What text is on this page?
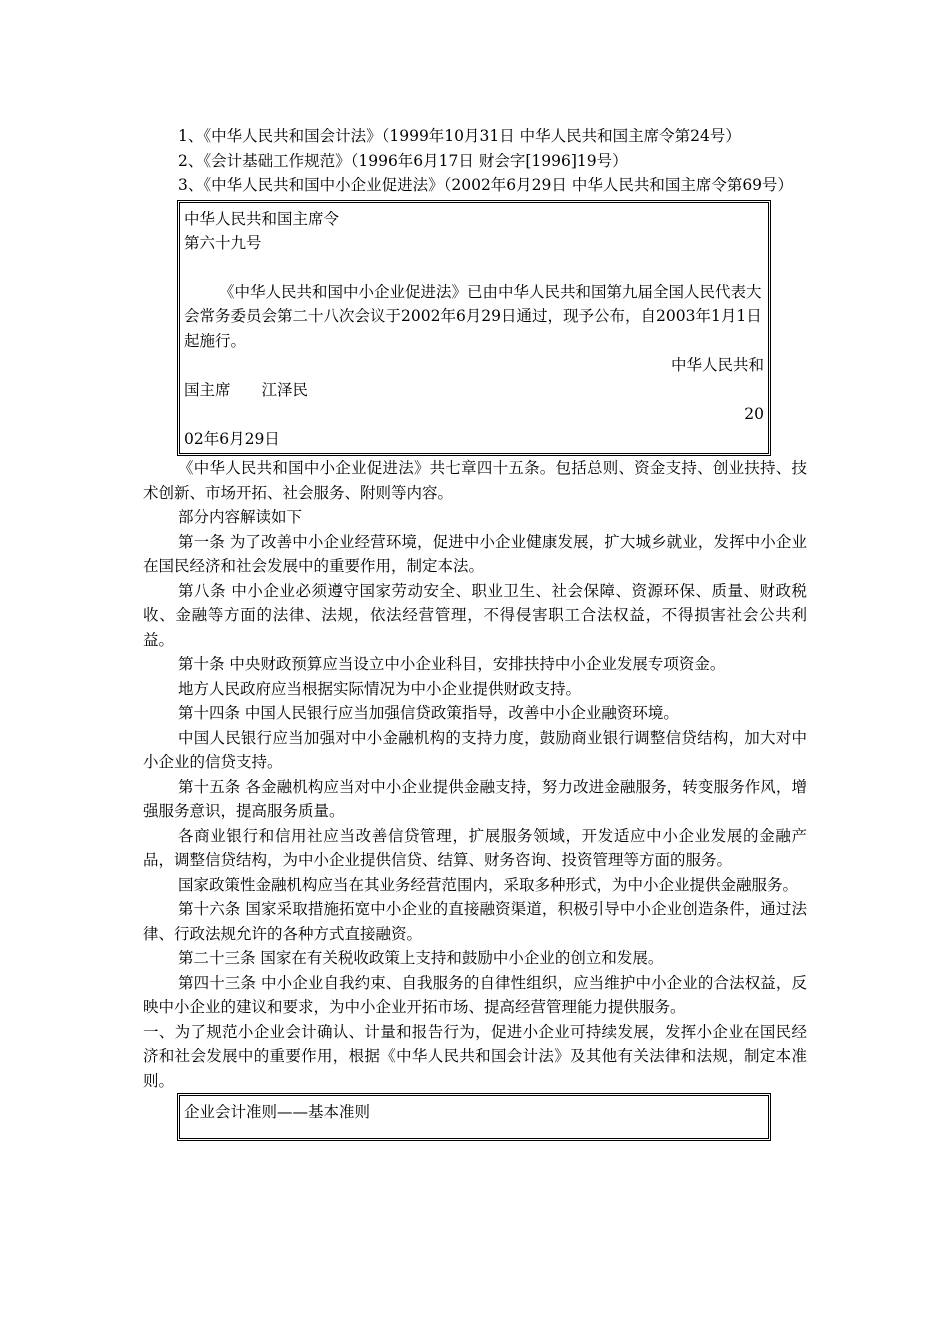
1、《中华人民共和国会计法》（1999年10月31日 中华人民共和国主席令第24号）

2、《会计基础工作规范》（1996年6月17日 财会字[1996]19号）

3、《中华人民共和国中小企业促进法》（2002年6月29日 中华人民共和国主席令第69号）

中华人民共和国主席令

第六十九号

《中华人民共和国中小企业促进法》已由中华人民共和国第九届全国人民代表大会常务委员会第二十八次会议于2002年6月29日通过，现予公布，自2003年1月1日起施行。

中华人民共和

国主席　　江泽民

20

02年6月29日

《中华人民共和国中小企业促进法》共七章四十五条。包括总则、资金支持、创业扶持、技术创新、市场开拓、社会服务、附则等内容。

部分内容解读如下

第一条 为了改善中小企业经营环境，促进中小企业健康发展，扩大城乡就业，发挥中小企业在国民经济和社会发展中的重要作用，制定本法。

第八条 中小企业必须遵守国家劳动安全、职业卫生、社会保障、资源环保、质量、财政税收、金融等方面的法律、法规，依法经营管理，不得侵害职工合法权益，不得损害社会公共利益。

第十条 中央财政预算应当设立中小企业科目，安排扶持中小企业发展专项资金。

地方人民政府应当根据实际情况为中小企业提供财政支持。

第十四条 中国人民银行应当加强信贷政策指导，改善中小企业融资环境。

中国人民银行应当加强对中小金融机构的支持力度，鼓励商业银行调整信贷结构，加大对中小企业的信贷支持。

第十五条 各金融机构应当对中小企业提供金融支持，努力改进金融服务，转变服务作风，增强服务意识，提高服务质量。

各商业银行和信用社应当改善信贷管理，扩展服务领域，开发适应中小企业发展的金融产品，调整信贷结构，为中小企业提供信贷、结算、财务咨询、投资管理等方面的服务。

国家政策性金融机构应当在其业务经营范围内，采取多种形式，为中小企业提供金融服务。

第十六条 国家采取措施拓宽中小企业的直接融资渠道，积极引导中小企业创造条件，通过法律、行政法规允许的各种方式直接融资。

第二十三条 国家在有关税收政策上支持和鼓励中小企业的创立和发展。

第四十三条 中小企业自我约束、自我服务的自律性组织，应当维护中小企业的合法权益，反映中小企业的建议和要求，为中小企业开拓市场、提高经营管理能力提供服务。

一、为了规范小企业会计确认、计量和报告行为，促进小企业可持续发展，发挥小企业在国民经济和社会发展中的重要作用，根据《中华人民共和国会计法》及其他有关法律和法规，制定本准则。

企业会计准则——基本准则
